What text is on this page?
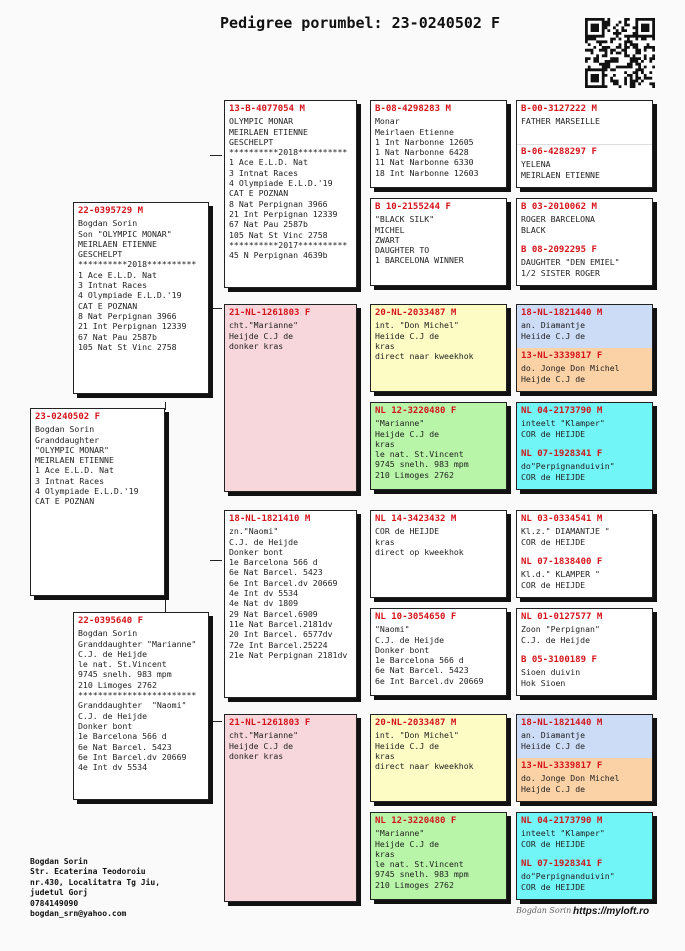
Pedigree porumbel: 23-0240502 F
23-0240502 F
Bogdan Sorin
Granddaughter
"OLYMPIC MONAR"
MEIRLAEN ETIENNE
1 Ace E.L.D. Nat
3 Intnat Races
4 Olympiade E.L.D.'19
CAT E POZNAN
22-0395729 M
Bogdan Sorin
Son "OLYMPIC MONAR"
MEIRLAEN ETIENNE
GESCHELPT
**********2018**********
1 Ace E.L.D. Nat
3 Intnat Races
4 Olympiade E.L.D.'19
CAT E POZNAN
8 Nat Perpignan 3966
21 Int Perpignan 12339
67 Nat Pau 2587b
105 Nat St Vinc 2758
22-0395640 F
Bogdan Sorin
Granddaughter "Marianne"
C.J. de Heijde
le nat. St.Vincent
9745 snelh. 983 mpm
210 Limoges 2762
************************
Granddaughter  "Naomi"
C.J. de Heijde
Donker bont
1e Barcelona 566 d
6e Nat Barcel. 5423
6e Int Barcel.dv 20669
4e Int dv 5534
13-B-4077054 M
OLYMPIC MONAR
MEIRLAEN ETIENNE
GESCHELPT
**********2018**********
1 Ace E.L.D. Nat
3 Intnat Races
4 Olympiade E.L.D.'19
CAT E POZNAN
8 Nat Perpignan 3966
21 Int Perpignan 12339
67 Nat Pau 2587b
105 Nat St Vinc 2758
**********2017**********
45 N Perpignan 4639b
21-NL-1261803 F
cht."Marianne"
Heijde C.J de
donker kras
18-NL-1821410 M
zn."Naomi"
C.J. de Heijde
Donker bont
1e Barcelona 566 d
6e Nat Barcel. 5423
6e Int Barcel.dv 20669
4e Int dv 5534
4e Nat dv 1809
29 Nat Barcel.6909
11e Nat Barcel.2181dv
20 Int Barcel. 6577dv
72e Int Barcel.25224
21e Nat Perpignan 2181dv
21-NL-1261803 F
cht."Marianne"
Heijde C.J de
donker kras
B-08-4298283 M
Monar
Meirlaen Etienne
1 Int Narbonne 12605
1 Nat Narbonne 6428
11 Nat Narbonne 6330
18 Int Narbonne 12603
B 10-2155244 F
"BLACK SILK"
MICHEL
ZWART
DAUGHTER TO
1 BARCELONA WINNER
20-NL-2033487 M
int. "Don Michel"
Heiide C.J de
kras
direct naar kweekhok
NL 12-3220480 F
"Marianne"
Heijde C.J de
kras
le nat. St.Vincent
9745 snelh. 983 mpm
210 Limoges 2762
NL 14-3423432 M
COR de HEIJDE
kras
direct op kweekhok
NL 10-3054650 F
"Naomi"
C.J. de Heijde
Donker bont
1e Barcelona 566 d
6e Nat Barcel. 5423
6e Int Barcel.dv 20669
20-NL-2033487 M
int. "Don Michel"
Heiide C.J de
kras
direct naar kweekhok
NL 12-3220480 F
"Marianne"
Heijde C.J de
kras
le nat. St.Vincent
9745 snelh. 983 mpm
210 Limoges 2762
B-00-3127222 M
FATHER MARSEILLE
B-06-4288297 F
YELENA
MEIRLAEN ETIENNE
B 03-2010062 M
ROGER BARCELONA
BLACK
B 08-2092295 F
DAUGHTER "DEN EMIEL"
1/2 SISTER ROGER
18-NL-1821440 M
an. Diamantje
Heiide C.J de
13-NL-3339817 F
do. Jonge Don Michel
Heijde C.J de
NL 04-2173790 M
inteelt "Klamper"
COR de HEIJDE
NL 07-1928341 F
do"Perpignanduivin"
COR de HEIJDE
NL 03-0334541 M
Kl.z." DIAMANTJE "
COR de HEIJDE
NL 07-1838400 F
Kl.d." KLAMPER "
COR de HEIJDE
NL 01-0127577 M
Zoon "Perpignan"
C.J. de Heijde
B 05-3100189 F
Sioen duivin
Hok Sioen
18-NL-1821440 M
an. Diamantje
Heiide C.J de
13-NL-3339817 F
do. Jonge Don Michel
Heijde C.J de
NL 04-2173790 M
inteelt "Klamper"
COR de HEIJDE
NL 07-1928341 F
do"Perpignanduivin"
COR de HEIJDE
Bogdan Sorin
Str. Ecaterina Teodoroiu
nr.430, Localitatra Tg Jiu,
judetul Gorj
0784149090
bogdan_srn@yahoo.com	Bogdan Sorin https://myloft.ro
